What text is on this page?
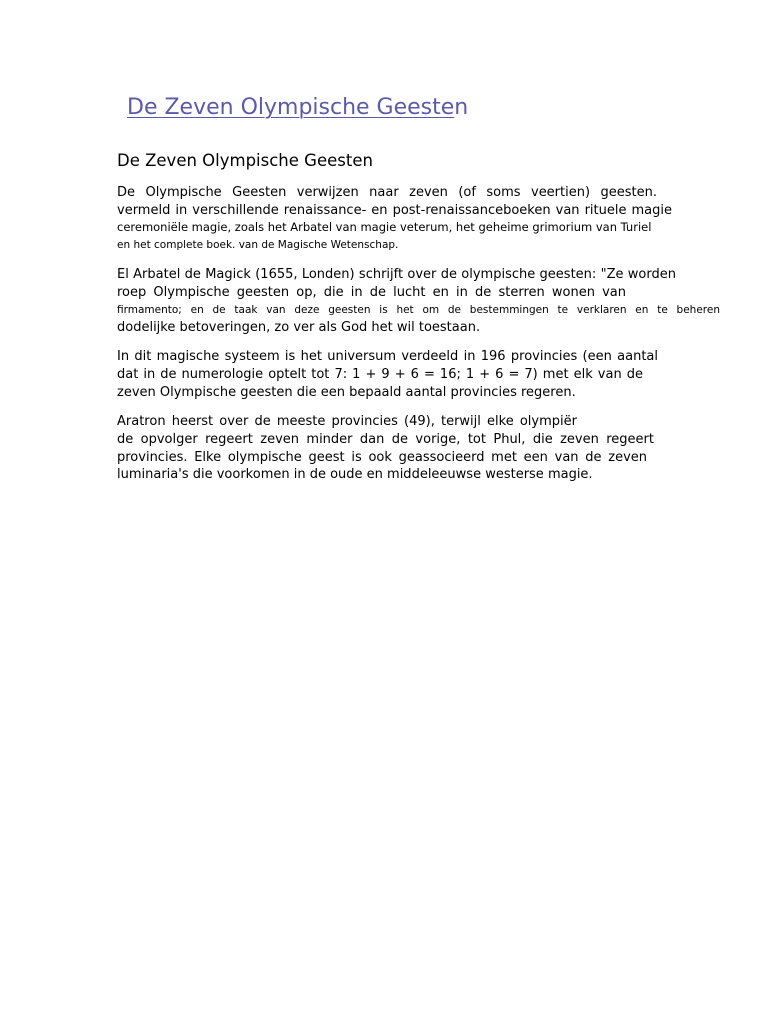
De Zeven Olympische Geesten
De Zeven Olympische Geesten
De Olympische Geesten verwijzen naar zeven (of soms veertien) geesten.
vermeld in verschillende renaissance- en post-renaissanceboeken van rituele magie
ceremoniële magie, zoals het Arbatel van magie veterum, het geheime grimorium van Turiel
en het complete boek. van de Magische Wetenschap.
El Arbatel de Magick (1655, Londen) schrijft over de olympische geesten: "Ze worden
roep Olympische geesten op, die in de lucht en in de sterren wonen van
firmamento; en de taak van deze geesten is het om de bestemmingen te verklaren en te beheren
dodelijke betoveringen, zo ver als God het wil toestaan.
In dit magische systeem is het universum verdeeld in 196 provincies (een aantal
dat in de numerologie optelt tot 7: 1 + 9 + 6 = 16; 1 + 6 = 7) met elk van de
zeven Olympische geesten die een bepaald aantal provincies regeren.
Aratron heerst over de meeste provincies (49), terwijl elke olympiër
de opvolger regeert zeven minder dan de vorige, tot Phul, die zeven regeert
provincies. Elke olympische geest is ook geassocieerd met een van de zeven
luminaria's die voorkomen in de oude en middeleeuwse westerse magie.
